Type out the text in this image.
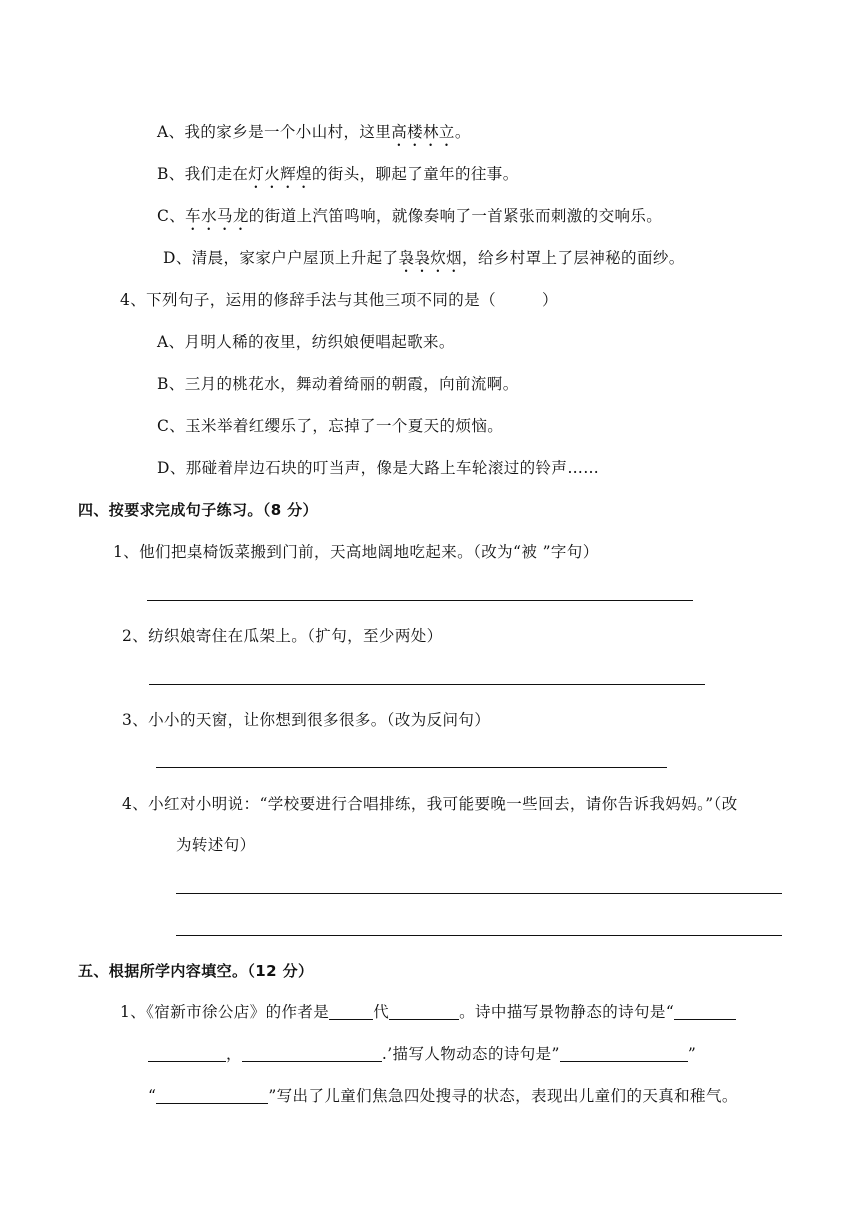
A、我的家乡是一个小山村，这里高楼林立。
B、我们走在灯火辉煌的街头，聊起了童年的往事。
C、车水马龙的街道上汽笛鸣响，就像奏响了一首紧张而刺激的交响乐。
D、清晨，家家户户屋顶上升起了袅袅炊烟，给乡村罩上了层神秘的面纱。
4、下列句子，运用的修辞手法与其他三项不同的是（	）
A、月明人稀的夜里，纺织娘便唱起歌来。
B、三月的桃花水，舞动着绮丽的朝霞，向前流啊。
C、玉米举着红缨乐了，忘掉了一个夏天的烦恼。
D、那碰着岸边石块的叮当声，像是大路上车轮滚过的铃声……
四、按要求完成句子练习。（8 分）
1、他们把桌椅饭菜搬到门前，天高地阔地吃起来。（改为“被 ”字句）
2、纺织娘寄住在瓜架上。（扩句，至少两处）
3、小小的天窗，让你想到很多很多。（改为反问句）
4、小红对小明说：“学校要进行合唱排练，我可能要晚一些回去，请你告诉我妈妈。”（改
为转述句）
五、根据所学内容填空。（12 分）
1、《宿新市徐公店》的作者是	代	。诗中描写景物静态的诗句是“
，	.’描写人物动态的诗句是”	”
“	”写出了儿童们焦急四处搜寻的状态，表现出儿童们的天真和稚气。
